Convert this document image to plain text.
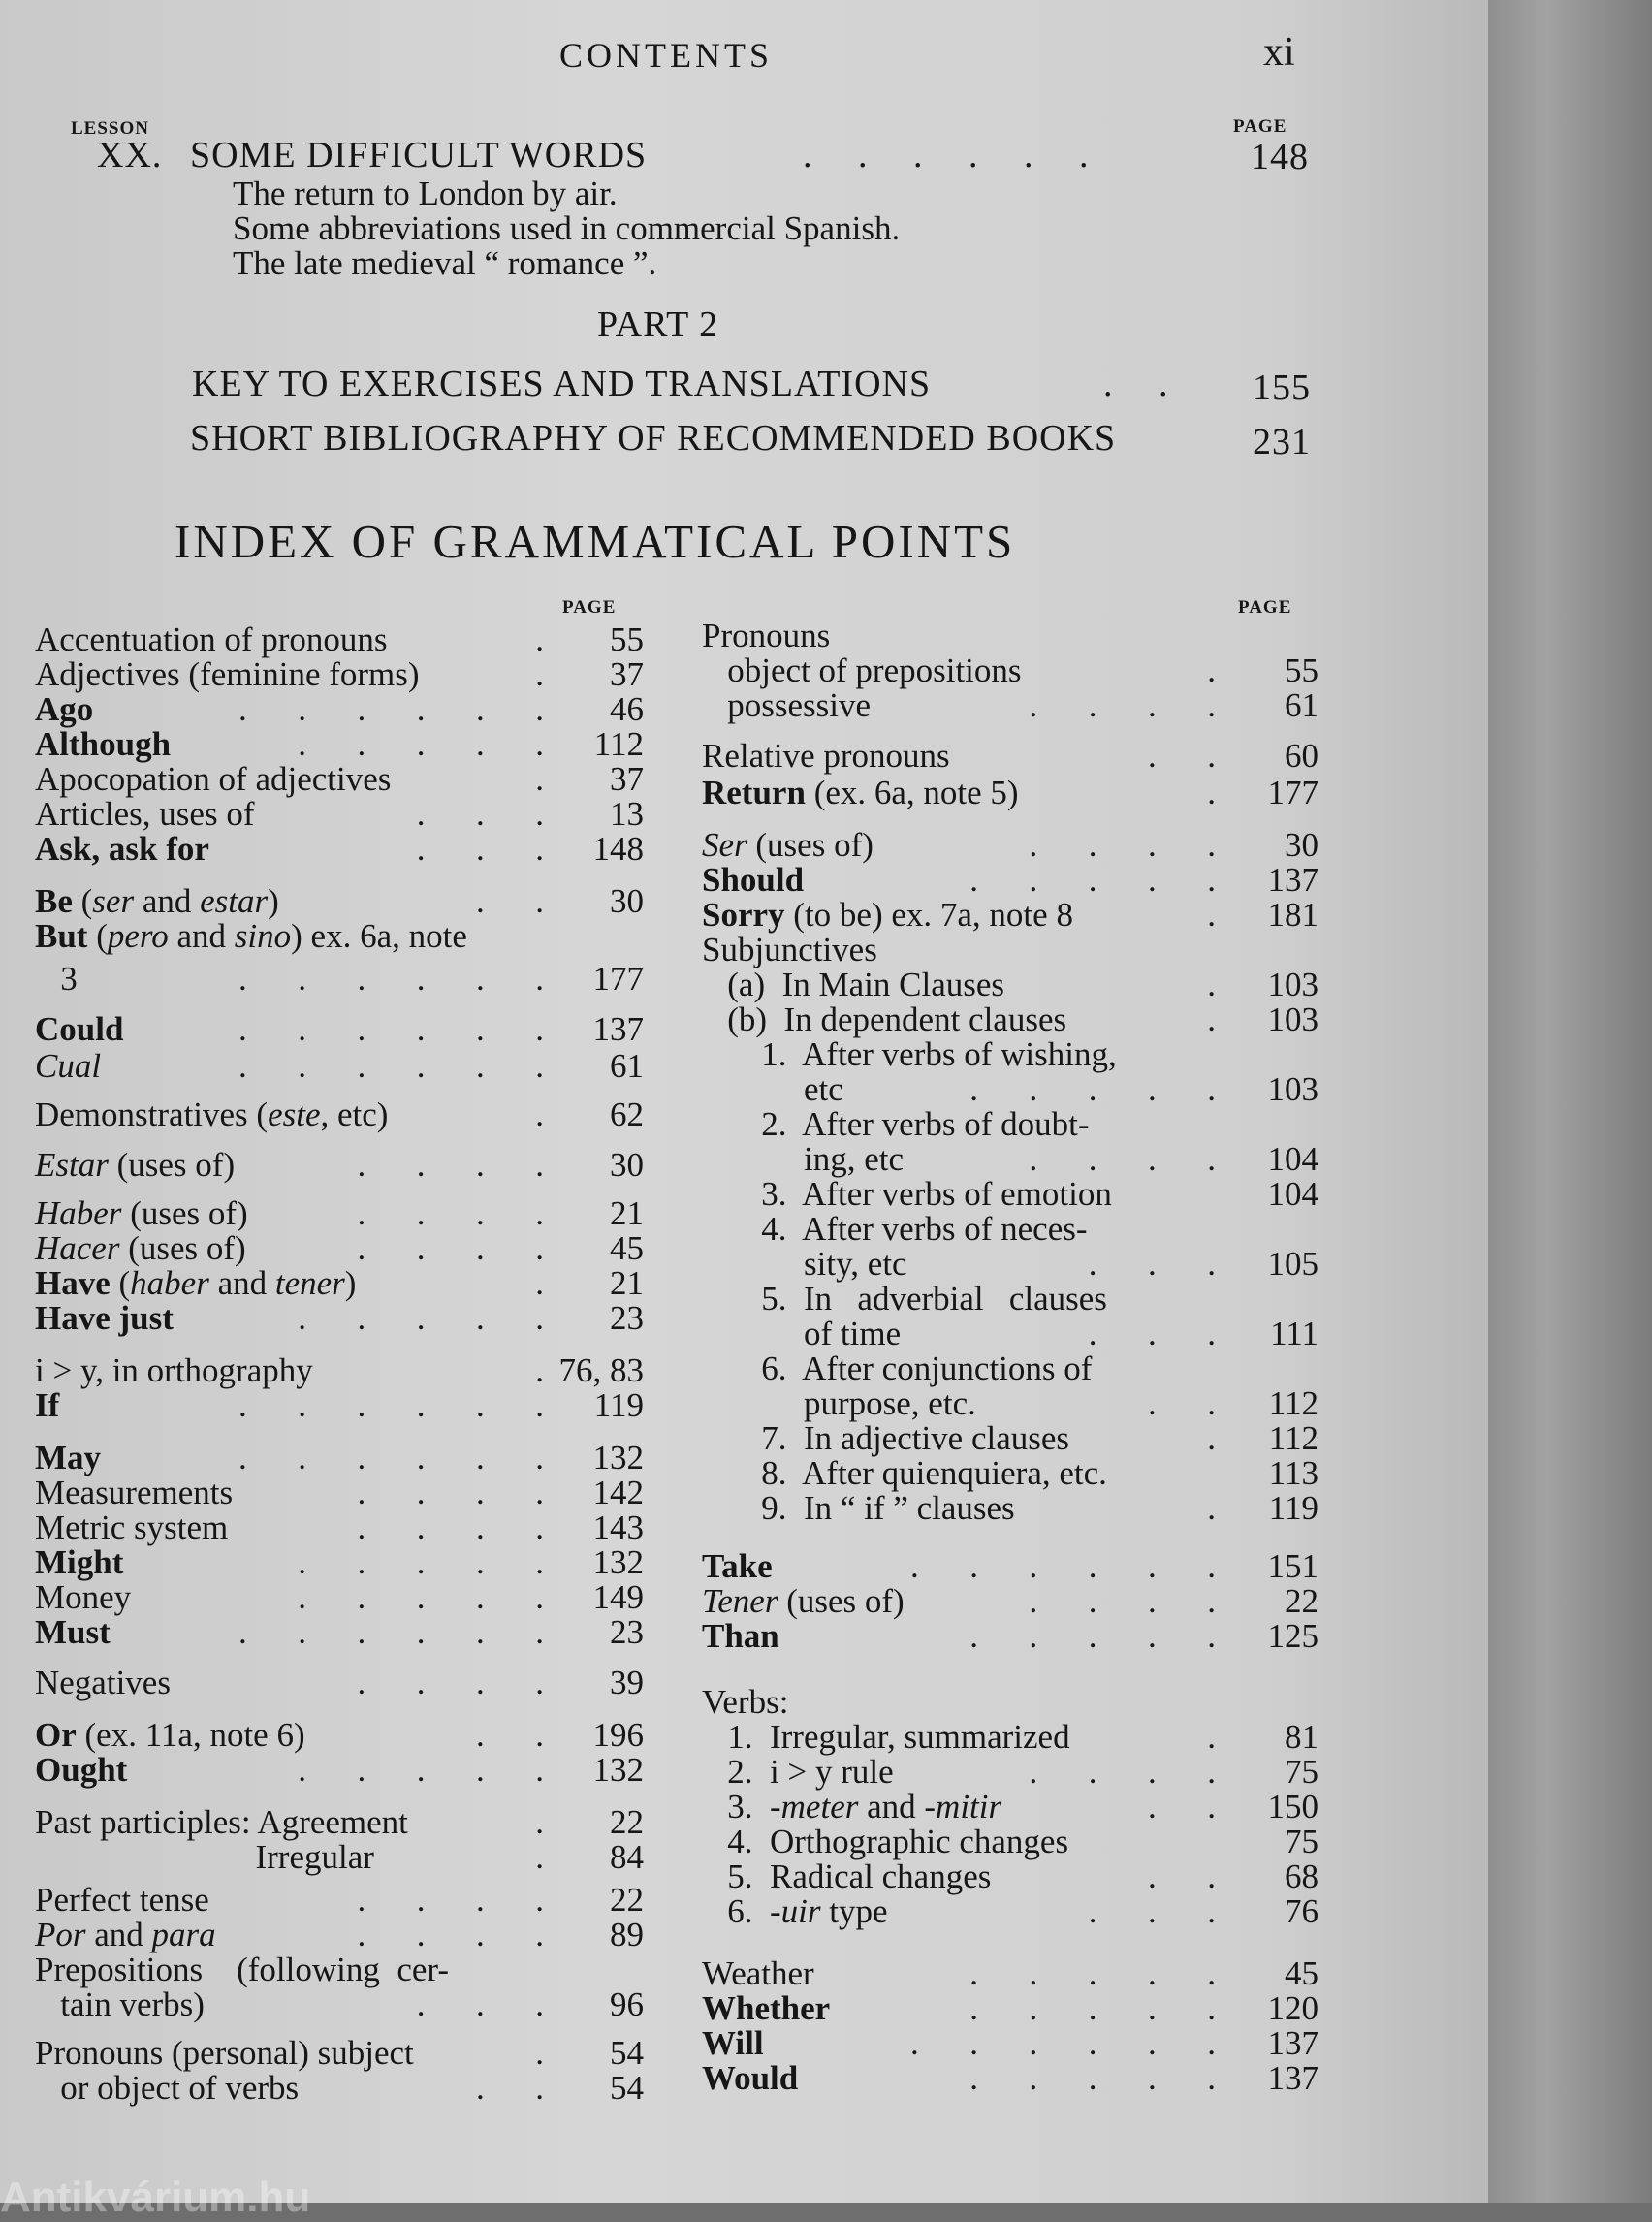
CONTENTS	xi
LESSON	PAGE
XX. SOME DIFFICULT WORDS	.     .     .     .     .     .	148
The return to London by air.
Some abbreviations used in commercial Spanish.
The late medieval “ romance ”.
PART 2
KEY TO EXERCISES AND TRANSLATIONS	.     . 155
SHORT BIBLIOGRAPHY OF RECOMMENDED BOOKS	231
INDEX OF GRAMMATICAL POINTS
PAGE	PAGE
Accentuation of pronouns	. 55
Adjectives (feminine forms)	. 37
Ago	.      .      .      .      .      . 46
Although	.      .      .      .      . 112
Apocopation of adjectives	. 37
Articles, uses of	.      .      . 13
Ask, ask for	.      .      . 148
Be (ser and estar)	.      . 30
But (pero and sino) ex. 6a, note
3	.      .      .      .      .      . 177
Could	.      .      .      .      .      . 137
Cual	.      .      .      .      .      . 61
Demonstratives (este, etc)	. 62
Estar (uses of)	.      .      .      . 30
Haber (uses of)	.      .      .      . 21
Hacer (uses of)	.      .      .      . 45
Have (haber and tener)	. 21
Have just	.      .      .      .      . 23
i > y, in orthography	. 76, 83
If	.      .      .      .      .      . 119
May	.      .      .      .      .      . 132
Measurements	.      .      .      . 142
Metric system	.      .      .      . 143
Might	.      .      .      .      . 132
Money	.      .      .      .      . 149
Must	.      .      .      .      .      . 23
Negatives	.      .      .      . 39
Or (ex. 11a, note 6)	.      . 196
Ought	.      .      .      .      . 132
Past participles: Agreement	. 22
Irregular	. 84
Perfect tense	.      .      .      . 22
Por and para	.      .      .      . 89
Prepositions    (following  cer-
tain verbs)	.      .      . 96
Pronouns (personal) subject	. 54
or object of verbs	.      . 54
Pronouns
object of prepositions	. 55
possessive	.      .      .      . 61
Relative pronouns	.      . 60
Return (ex. 6a, note 5)	. 177
Ser (uses of)	.      .      .      . 30
Should	.      .      .      .      . 137
Sorry (to be) ex. 7a, note 8	. 181
Subjunctives
(a)  In Main Clauses	. 103
(b)  In dependent clauses	. 103
1.  After verbs of wishing,
etc	.      .      .      .      . 103
2.  After verbs of doubt-
ing, etc	.      .      .      . 104
3.  After verbs of emotion	104
4.  After verbs of neces-
sity, etc	.      .      . 105
5.  In   adverbial   clauses
of time	.      .      . 111
6.  After conjunctions of
purpose, etc.	.      . 112
7.  In adjective clauses	. 112
8.  After quienquiera, etc.	113
9.  In “ if ” clauses	. 119
Take	.      .      .      .      .      . 151
Tener (uses of)	.      .      .      . 22
Than	.      .      .      .      . 125
Verbs:
1.  Irregular, summarized	. 81
2.  i > y rule	.      .      .      . 75
3.  -meter and -mitir	.      . 150
4.  Orthographic changes	75
5.  Radical changes	.      . 68
6.  -uir type	.      .      . 76
Weather	.      .      .      .      . 45
Whether	.      .      .      .      . 120
Will	.      .      .      .      .      . 137
Would	.      .      .      .      . 137
Antikvárium.hu
